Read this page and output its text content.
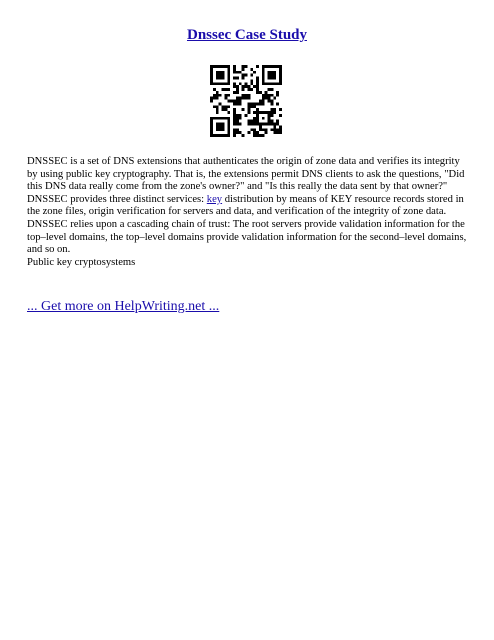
Dnssec Case Study

DNSSEC is a set of DNS extensions that authenticates the origin of zone data and verifies its integrity by using public key cryptography. That is, the extensions permit DNS clients to ask the questions, "Did this DNS data really come from the zone's owner?" and "Is this really the data sent by that owner?"

DNSSEC provides three distinct services: key distribution by means of KEY resource records stored in the zone files, origin verification for servers and data, and verification of the integrity of zone data. DNSSEC relies upon a cascading chain of trust: The root servers provide validation information for the top–level domains, the top–level domains provide validation information for the second–level domains, and so on.

Public key cryptosystems

... Get more on HelpWriting.net ...
